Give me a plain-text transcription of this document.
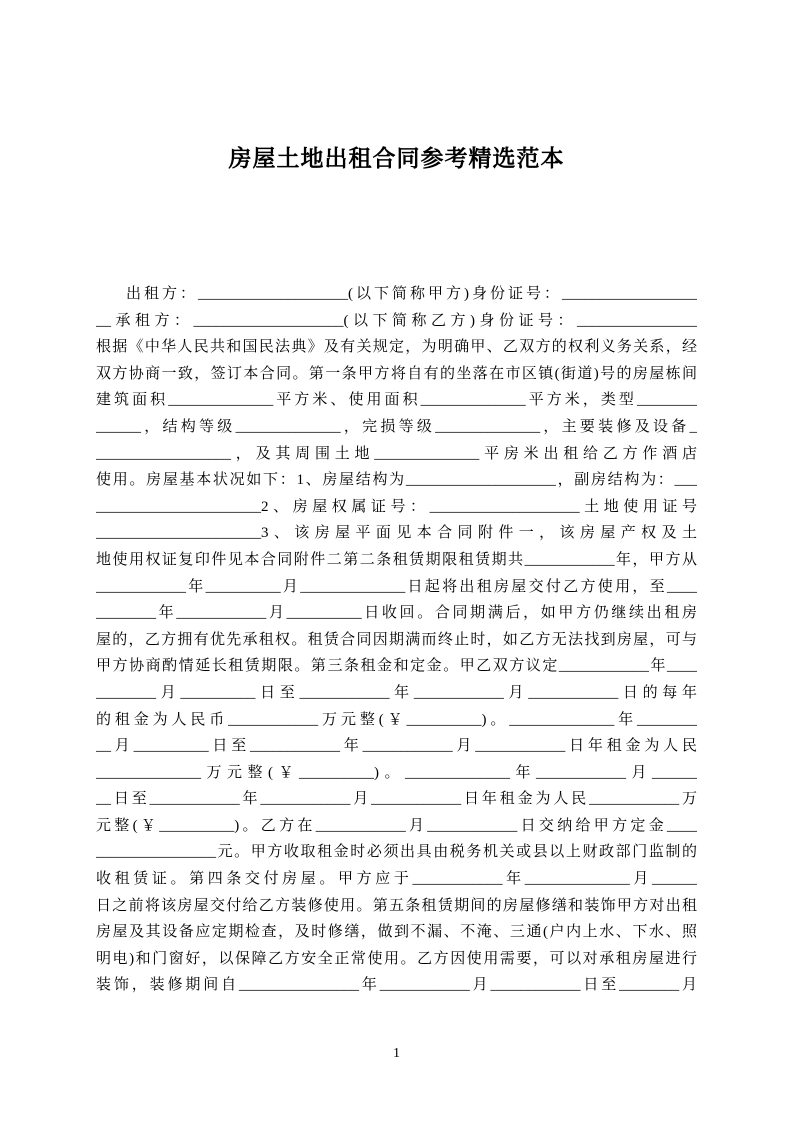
房屋土地出租合同参考精选范本
出租方：____________________(以下简称甲方)身份证号：__________________
__承租方：____________________(以下简称乙方)身份证号：________________
根据《中华人民共和国民法典》及有关规定，为明确甲、乙双方的权利义务关系，经
双方协商一致，签订本合同。第一条甲方将自有的坐落在市区镇(街道)号的房屋栋间
建筑面积______________平方米、使用面积______________平方米，类型________
______，结构等级______________，完损等级______________，主要装修及设备_
__________________，及其周围土地______________平房米出租给乙方作酒店
使用。房屋基本状况如下：1、房屋结构为____________________，副房结构为：___
______________________2、房屋权属证号：____________________土地使用证号
______________________3、该房屋平面见本合同附件一，该房屋产权及土
地使用权证复印件见本合同附件二第二条租赁期限租赁期共____________年，甲方从
____________年__________月______________日起将出租房屋交付乙方使用，至____
________年____________月__________日收回。合同期满后，如甲方仍继续出租房
屋的，乙方拥有优先承租权。租赁合同因期满而终止时，如乙方无法找到房屋，可与
甲方协商酌情延长租赁期限。第三条租金和定金。甲乙双方议定____________年____
________月__________日至____________年____________月____________日的每年
的租金为人民币____________万元整(￥__________)。______________年________
__月__________日至____________年____________月____________日年租金为人民
______________万元整(￥__________)。______________年____________月______
__日至____________年____________月____________日年租金为人民____________万
元整(￥__________)。乙方在____________月____________日交纳给甲方定金____
________________元。甲方收取租金时必须出具由税务机关或县以上财政部门监制的
收租赁证。第四条交付房屋。甲方应于____________年______________月______
日之前将该房屋交付给乙方装修使用。第五条租赁期间的房屋修缮和装饰甲方对出租
房屋及其设备应定期检查，及时修缮，做到不漏、不淹、三通(户内上水、下水、照
明电)和门窗好，以保障乙方安全正常使用。乙方因使用需要，可以对承租房屋进行
装饰，装修期间自________________年____________月____________日至________月
1
